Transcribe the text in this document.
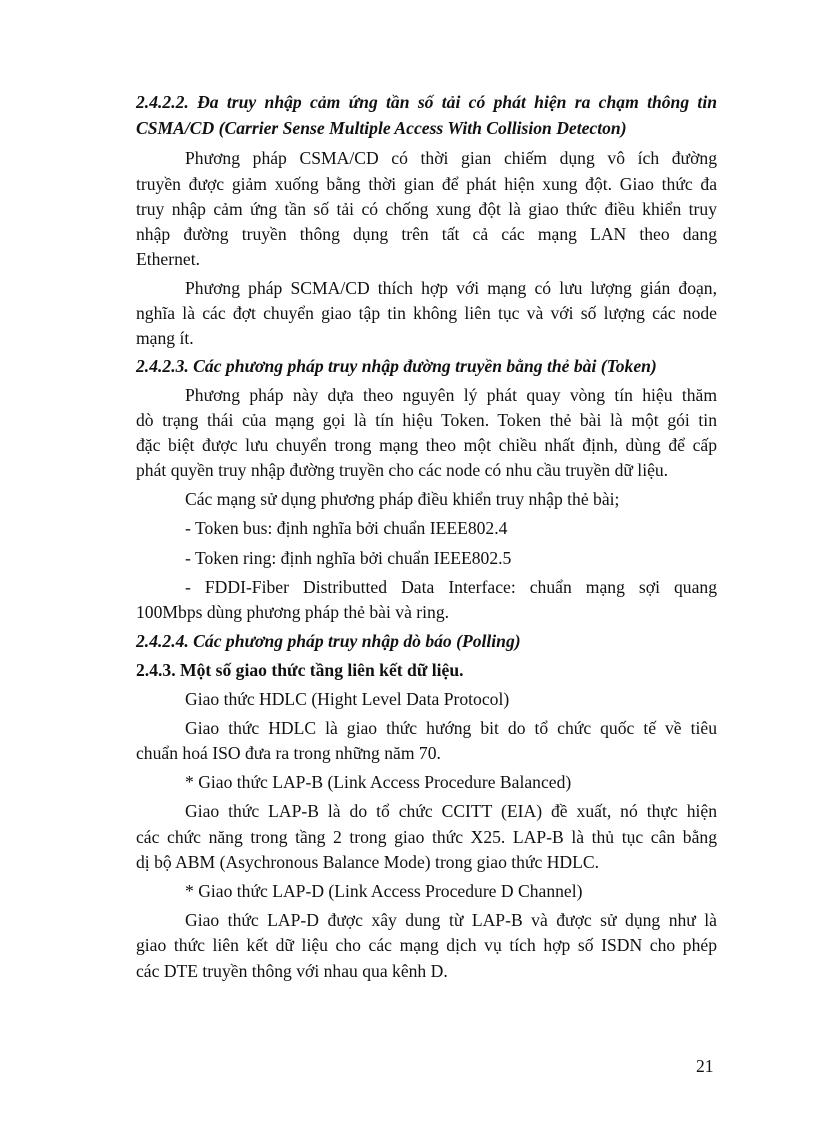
2.4.2.2. Đa truy nhập cảm ứng tần số tải có phát hiện ra chạm thông tin
CSMA/CD (Carrier Sense Multiple Access With Collision Detecton)
Phương pháp CSMA/CD có thời gian chiếm dụng vô ích đường
truyền được giảm xuống bằng thời gian để phát hiện xung đột. Giao thức đa
truy nhập cảm ứng tần số tải có chống xung đột là giao thức điều khiển truy
nhập đường truyền thông dụng trên tất cả các mạng LAN theo dang
Ethernet.
Phương pháp SCMA/CD thích hợp với mạng có lưu lượng gián đoạn,
nghĩa là các đợt chuyển giao tập tin không liên tục và với số lượng các node
mạng ít.
2.4.2.3. Các phương pháp truy nhập đường truyền bằng thẻ bài (Token)
Phương pháp này dựa theo nguyên lý phát quay vòng tín hiệu thăm
dò trạng thái của mạng gọi là tín hiệu Token. Token thẻ bài là một gói tin
đặc biệt được lưu chuyển trong mạng theo một chiều nhất định, dùng để cấp
phát quyền truy nhập đường truyền cho các node có nhu cầu truyền dữ liệu.
Các mạng sử dụng phương pháp điều khiển truy nhập thẻ bài;
- Token bus: định nghĩa bởi chuẩn IEEE802.4
- Token ring: định nghĩa bởi chuẩn IEEE802.5
- FDDI-Fiber Distributted Data Interface: chuẩn mạng sợi quang
100Mbps dùng phương pháp thẻ bài và ring.
2.4.2.4. Các phương pháp truy nhập dò báo (Polling)
2.4.3. Một số giao thức tầng liên kết dữ liệu.
Giao thức HDLC (Hight Level Data Protocol)
Giao thức HDLC là giao thức hướng bit do tổ chức quốc tế về tiêu
chuẩn hoá ISO đưa ra trong những năm 70.
* Giao thức LAP-B (Link Access Procedure Balanced)
Giao thức LAP-B là do tổ chức CCITT (EIA) đề xuất, nó thực hiện
các chức năng trong tầng 2 trong giao thức X25. LAP-B là thủ tục cân bằng
dị bộ ABM (Asychronous Balance Mode) trong giao thức HDLC.
* Giao thức LAP-D (Link Access Procedure D Channel)
Giao thức LAP-D được xây dung từ LAP-B và được sử dụng như là
giao thức liên kết dữ liệu cho các mạng dịch vụ tích hợp số ISDN cho phép
các DTE truyền thông với nhau qua kênh D.
21
